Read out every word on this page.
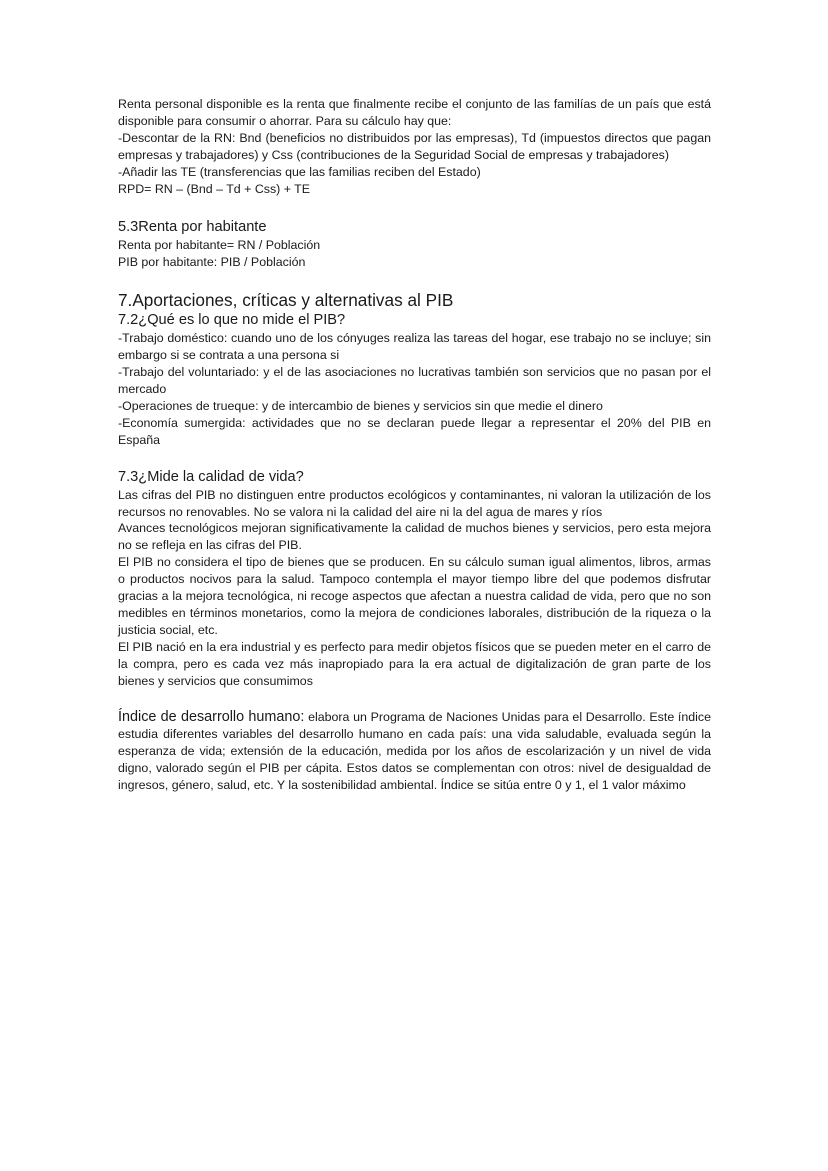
Renta personal disponible es la renta que finalmente recibe el conjunto de las familías de un país que está disponible para consumir o ahorrar. Para su cálculo hay que:

-Descontar de la RN: Bnd (beneficios no distribuidos por las empresas), Td (impuestos directos que pagan empresas y trabajadores) y Css (contribuciones de la Seguridad Social de empresas y trabajadores)

-Añadir las TE (transferencias que las familias reciben del Estado)

RPD= RN – (Bnd – Td + Css) + TE

5.3Renta por habitante

Renta por habitante= RN / Población

PIB por habitante: PIB / Población

7.Aportaciones, críticas y alternativas al PIB
7.2¿Qué es lo que no mide el PIB?

-Trabajo doméstico: cuando uno de los cónyuges realiza las tareas del hogar, ese trabajo no se incluye; sin embargo si se contrata a una persona si

-Trabajo del voluntariado: y el de las asociaciones no lucrativas también son servicios que no pasan por el mercado

-Operaciones de trueque: y de intercambio de bienes y servicios sin que medie el dinero

-Economía sumergida: actividades que no se declaran puede llegar a representar el 20% del PIB en España

7.3¿Mide la calidad de vida?

Las cifras del PIB no distinguen entre productos ecológicos y contaminantes, ni valoran la utilización de los recursos no renovables. No se valora ni la calidad del aire ni la del agua de mares y ríos

Avances tecnológicos mejoran significativamente la calidad de muchos bienes y servicios, pero esta mejora no se refleja en las cifras del PIB.

El PIB no considera el tipo de bienes que se producen. En su cálculo suman igual alimentos, libros, armas o productos nocivos para la salud. Tampoco contempla el mayor tiempo libre del que podemos disfrutar gracias a la mejora tecnológica, ni recoge aspectos que afectan a nuestra calidad de vida, pero que no son medibles en términos monetarios, como la mejora de condiciones laborales, distribución de la riqueza o la justicia social, etc.

El PIB nació en la era industrial y es perfecto para medir objetos físicos que se pueden meter en el carro de la compra, pero es cada vez más inapropiado para la era actual de digitalización de gran parte de los bienes y servicios que consumimos

Índice de desarrollo humano: elabora un Programa de Naciones Unidas para el Desarrollo. Este índice estudia diferentes variables del desarrollo humano en cada país: una vida saludable, evaluada según la esperanza de vida; extensión de la educación, medida por los años de escolarización y un nivel de vida digno, valorado según el PIB per cápita. Estos datos se complementan con otros: nivel de desigualdad de ingresos, género, salud, etc. Y la sostenibilidad ambiental. Índice se sitúa entre 0 y 1, el 1 valor máximo
